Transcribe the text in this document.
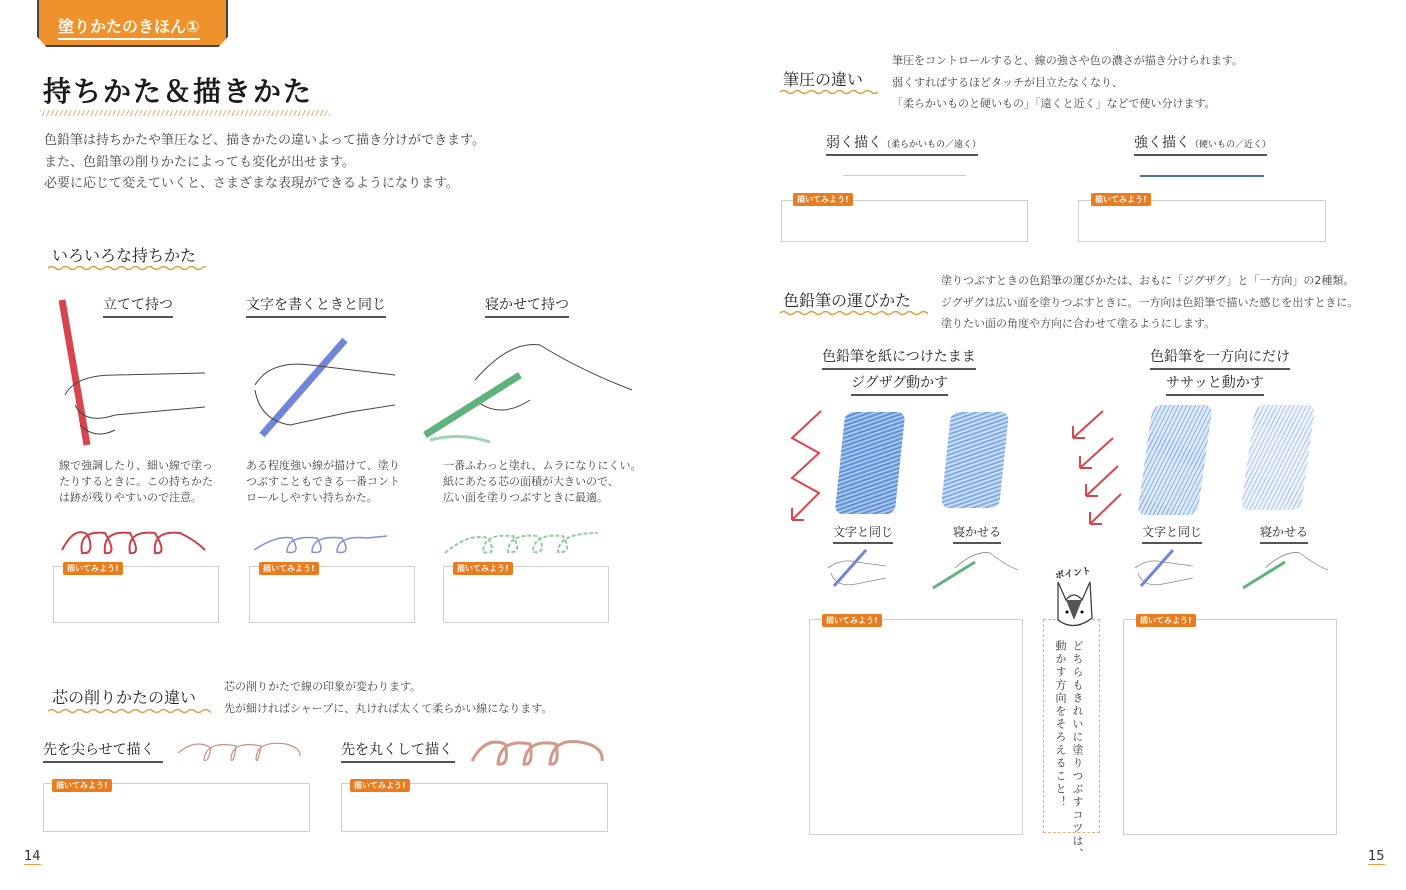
塗りかたのきほん①
持ちかた＆描きかた
色鉛筆は持ちかたや筆圧など、描きかたの違いよって描き分けができます。
また、色鉛筆の削りかたによっても変化が出せます。
必要に応じて変えていくと、さまざまな表現ができるようになります。
いろいろな持ちかた
立てて持つ	文字を書くときと同じ	寝かせて持つ
線で強調したり、細い線で塗っ
たりするときに。この持ちかた
は跡が残りやすいので注意。
ある程度強い線が描けて、塗り
つぶすこともできる一番コント
ロールしやすい持ちかた。
一番ふわっと塗れ、ムラになりにくい。
紙にあたる芯の面積が大きいので、
広い面を塗りつぶすときに最適。
描いてみよう!	描いてみよう!	描いてみよう!
芯の削りかたの違い
芯の削りかたで線の印象が変わります。
先が細ければシャープに、丸ければ太くて柔らかい線になります。
先を尖らせて描く	先を丸くして描く
描いてみよう!	描いてみよう!
14
筆圧の違い
筆圧をコントロールすると、線の強さや色の濃さが描き分けられます。
弱くすればするほどタッチが目立たなくなり、
「柔らかいものと硬いもの」「遠くと近く」などで使い分けます。
弱く描く（柔らかいもの／遠く）	強く描く（硬いもの／近く）
描いてみよう!	描いてみよう!
色鉛筆の運びかた
塗りつぶすときの色鉛筆の運びかたは、おもに「ジグザグ」と「一方向」の2種類。
ジグザグは広い面を塗りつぶすときに。一方向は色鉛筆で描いた感じを出すときに。
塗りたい面の角度や方向に合わせて塗るようにします。
色鉛筆を紙につけたまま
ジグザグ動かす
色鉛筆を一方向にだけ
ササッと動かす
文字と同じ	寝かせる	文字と同じ	寝かせる
描いてみよう!	描いてみよう!
ポイント
どちらもきれいに塗りつぶすコツは、
動かす方向をそろえること！
15
